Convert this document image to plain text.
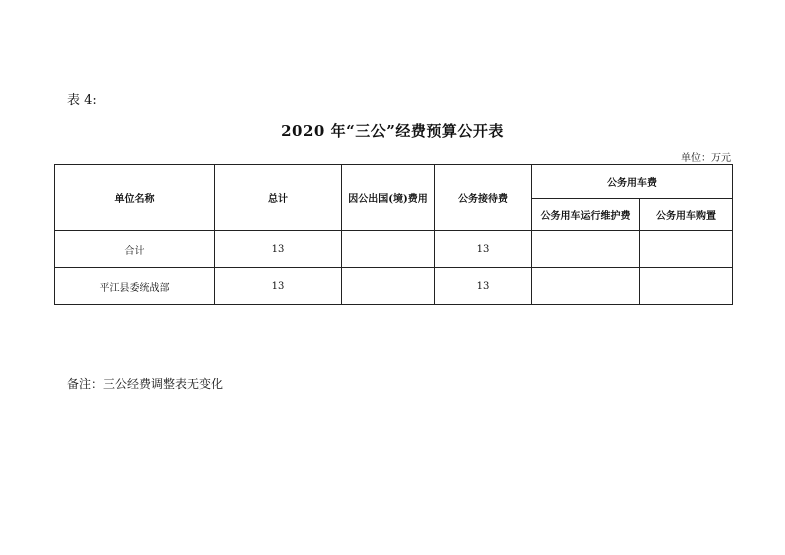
表 4:
2020 年“三公”经费预算公开表
单位：万元
单位名称	总计	因公出国(境)费用	公务接待费	公务用车费	
				公务用车运行维护费	公务用车购置
合计	13		13		
平江县委统战部	13		13		
备注：三公经费调整表无变化
